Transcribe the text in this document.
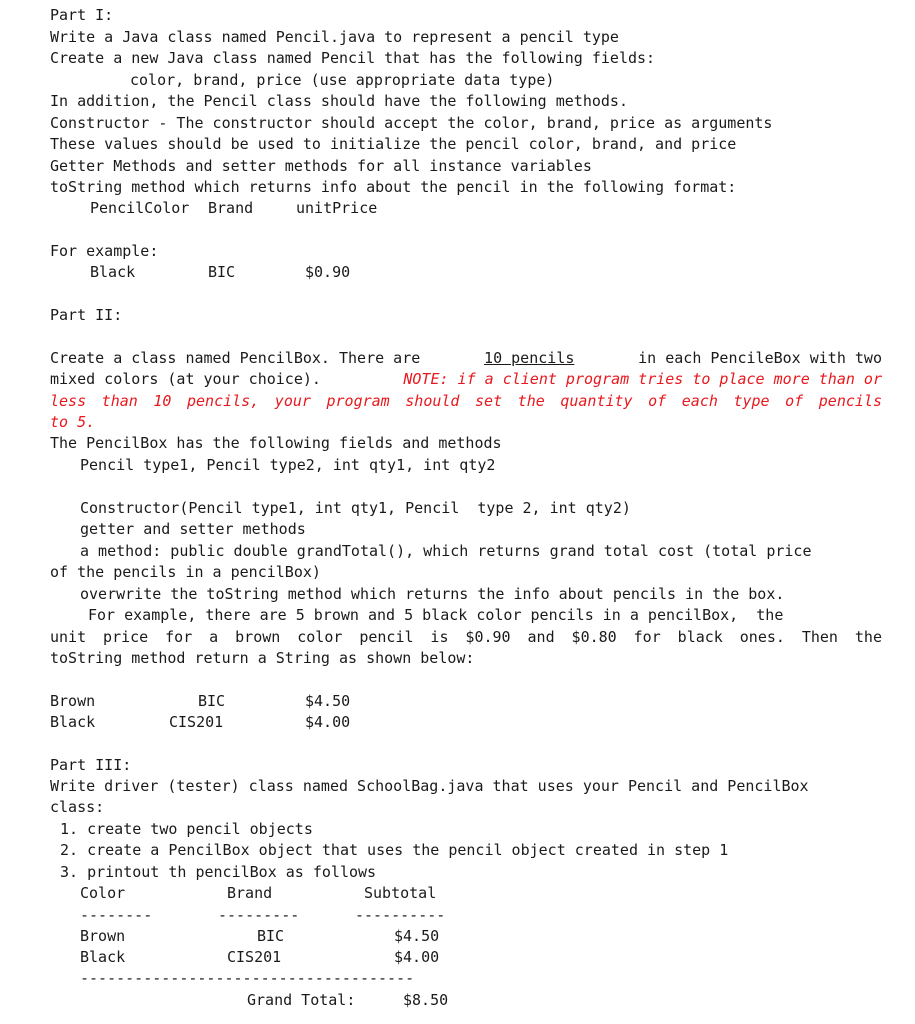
Part I:
Write a Java class named Pencil.java to represent a pencil type
Create a new Java class named Pencil that has the following fields:
color, brand, price (use appropriate data type)
In addition, the Pencil class should have the following methods.
Constructor - The constructor should accept the color, brand, price as arguments
These values should be used to initialize the pencil color, brand, and price
Getter Methods and setter methods for all instance variables
toString method which returns info about the pencil in the following format:
PencilColor Brand	unitPrice
For example:
Black	BIC	$0.90
Part II:
Create a class named PencilBox. There are	10 pencils	in each PencileBox with two
mixed colors (at your choice).	NOTE: if a client program tries to place more than or
less than 10 pencils, your program should set the quantity of each type of pencils
to 5.
The PencilBox has the following fields and methods
Pencil type1, Pencil type2, int qty1, int qty2
Constructor(Pencil type1, int qty1, Pencil  type 2, int qty2)
getter and setter methods
a method: public double grandTotal(), which returns grand total cost (total price
of the pencils in a pencilBox)
overwrite the toString method which returns the info about pencils in the box.
For example, there are 5 brown and 5 black color pencils in a pencilBox,  the
unit price for a brown color pencil is $0.90 and $0.80 for black ones. Then the
toString method return a String as shown below:
Brown	BIC	$4.50
Black	CIS201	$4.00
Part III:
Write driver (tester) class named SchoolBag.java that uses your Pencil and PencilBox
class:
1. create two pencil objects
2. create a PencilBox object that uses the pencil object created in step 1
3. printout th pencilBox as follows
Color	Brand	Subtotal
--------	---------	----------
Brown	BIC	$4.50
Black	CIS201	$4.00
-------------------------------------
Grand Total:	$8.50
